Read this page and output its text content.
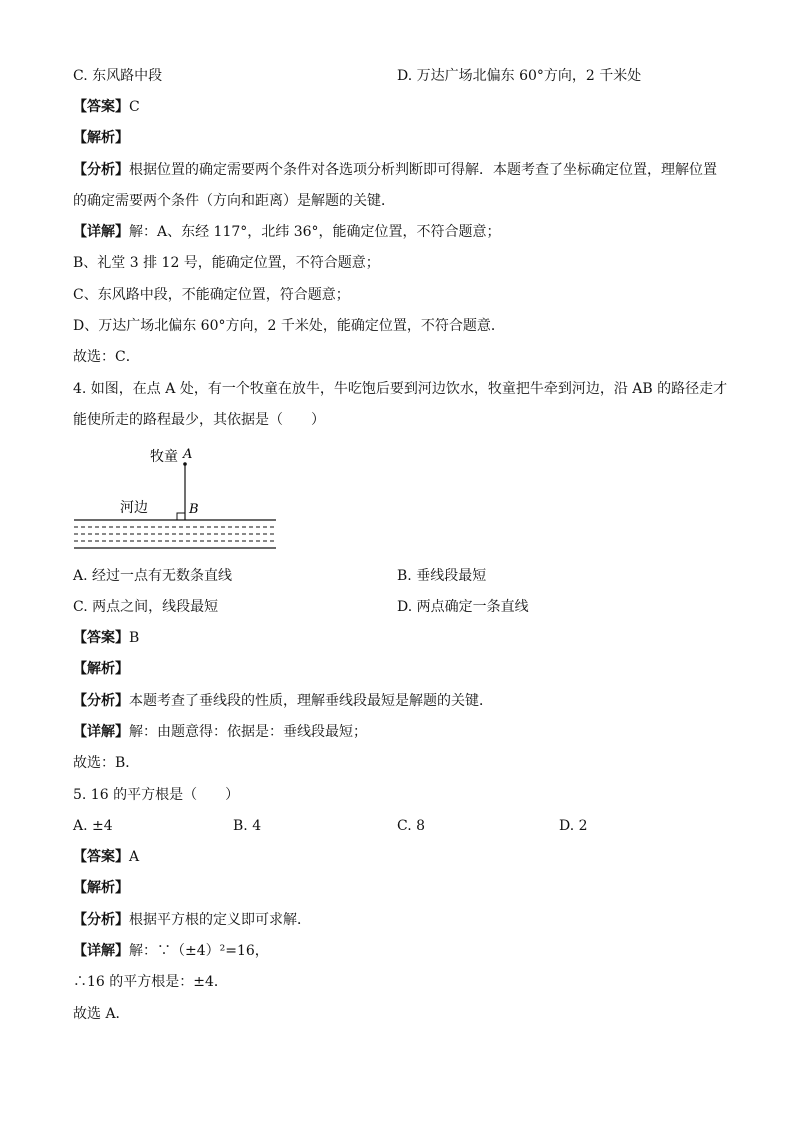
C. 东风路中段	D. 万达广场北偏东 60°方向，2 千米处
【答案】C
【解析】
【分析】根据位置的确定需要两个条件对各选项分析判断即可得解．本题考查了坐标确定位置，理解位置
的确定需要两个条件（方向和距离）是解题的关键．
【详解】解：A、东经 117°，北纬 36°，能确定位置，不符合题意；
B、礼堂 3 排 12 号，能确定位置，不符合题意；
C、东风路中段，不能确定位置，符合题意；
D、万达广场北偏东 60°方向，2 千米处，能确定位置，不符合题意．
故选：C．
4. 如图，在点 A 处，有一个牧童在放牛，牛吃饱后要到河边饮水，牧童把牛牵到河边，沿 AB 的路径走才
能使所走的路程最少，其依据是（　　）
牧童 A
河边	B
A. 经过一点有无数条直线	B. 垂线段最短
C. 两点之间，线段最短	D. 两点确定一条直线
【答案】B
【解析】
【分析】本题考查了垂线段的性质，理解垂线段最短是解题的关键．
【详解】解：由题意得：依据是：垂线段最短；
故选：B．
5. 16 的平方根是（　　）
A. ±4	B. 4	C. 8	D. 2
【答案】A
【解析】
【分析】根据平方根的定义即可求解．
【详解】解：∵（±4）²=16，
∴16 的平方根是：±4．
故选 A．
